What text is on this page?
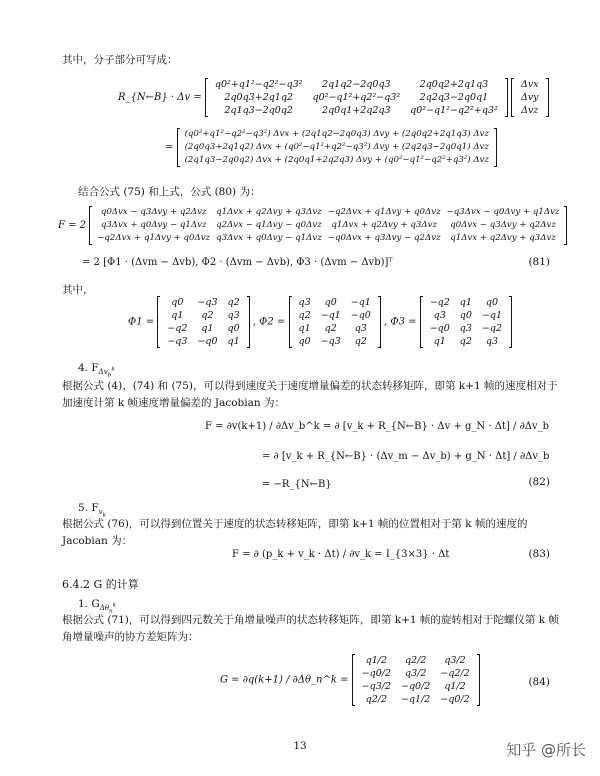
其中，分子部分可写成：
R_{N←B} · Δv =
q0²+q1²−q2²−q3²	2q1q2−2q0q3	2q0q2+2q1q3
2q0q3+2q1q2	q0²−q1²+q2²−q3²	2q2q3−2q0q1
2q1q3−2q0q2	2q0q1+2q2q3	q0²−q1²−q2²+q3²

Δvx
Δvy
Δvz
=
(q0²+q1²−q2²−q3²) Δvx + (2q1q2−2q0q3) Δvy + (2q0q2+2q1q3) Δvz
(2q0q3+2q1q2) Δvx + (q0²−q1²+q2²−q3²) Δvy + (2q2q3−2q0q1) Δvz
(2q1q3−2q0q2) Δvx + (2q0q1+2q2q3) Δvy + (q0²−q1²−q2²+q3²) Δvz
结合公式 (75) 和上式，公式 (80) 为：
F = 2
q0Δvx − q3Δvy + q2Δvz	q1Δvx + q2Δvy + q3Δvz	−q2Δvx + q1Δvy + q0Δvz	−q3Δvx − q0Δvy + q1Δvz
q3Δvx + q0Δvy − q1Δvz	q2Δvx − q1Δvy − q0Δvz	q1Δvx + q2Δvy + q3Δvz	q0Δvx − q3Δvy + q2Δvz
−q2Δvx + q1Δvy + q0Δvz	q3Δvx + q0Δvy − q1Δvz	−q0Δvx + q3Δvy − q2Δvz	q1Δvx + q2Δvy + q3Δvz
= 2 [Φ1 · (Δvm − Δvb), Φ2 · (Δvm − Δvb), Φ3 · (Δvm − Δvb)]ᵀ	(81)
其中，
Φ1 =
q0	−q3	q2
q1	q2	q3
−q2	q1	q0
−q3	−q0	q1
, Φ2 =
q3	q0	−q1
q2	−q1	−q0
q1	q2	q3
q0	−q3	q2
, Φ3 =
−q2	q1	q0
q3	q0	−q1
−q0	q3	−q2
q1	q2	q3
4. $F_{\Delta v_b^k}$
根据公式 (4)、(74) 和 (75)，可以得到速度关于速度增量偏差的状态转移矩阵，即第 k+1 帧的速度相对于加速度计第 k 帧速度增量偏差的 Jacobian 为：
F = ∂v(k+1) / ∂Δv_b^k = ∂ [v_k + R_{N←B} · Δv + g_N · Δt] / ∂Δv_b
= ∂ [v_k + R_{N←B} · (Δv_m − Δv_b) + g_N · Δt] / ∂Δv_b
= −R_{N←B}	(82)
5. $F_{v_k}$
根据公式 (76)，可以得到位置关于速度的状态转移矩阵，即第 k+1 帧的位置相对于第 k 帧的速度的 Jacobian 为：
F = ∂ (p_k + v_k · Δt) / ∂v_k = I_{3×3} · Δt	(83)
6.4.2 G 的计算
1. $G_{\Delta\theta_n^k}$
根据公式 (71)，可以得到四元数关于角增量噪声的状态转移矩阵，即第 k+1 帧的旋转相对于陀螺仪第 k 帧角增量噪声的协方差矩阵为：
G = ∂q(k+1) / ∂Δθ_n^k =
q1/2	q2/2	q3/2
−q0/2	q3/2	−q2/2
−q3/2	−q0/2	q1/2
q2/2	−q1/2	−q0/2
(84)
13	知乎 @所长
